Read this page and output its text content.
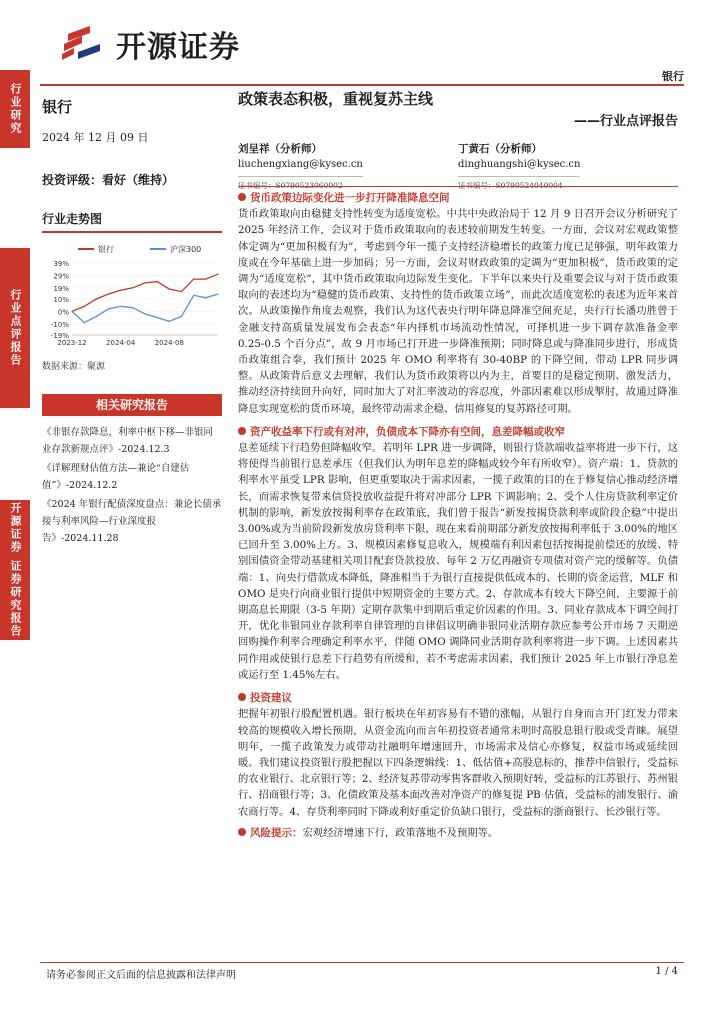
开源证券
银行
行业研究
行业点评报告
开源证券 证券研究报告
银行
2024 年 12 月 09 日
投资评级：看好（维持）
行业走势图
银行	沪深300
39%
29%
19%
10%
0%
-10%
-19%
2023-12	2024-04	2024-08
数据来源：聚源
相关研究报告
《非银存款降息，利率中枢下移—非银同业存款新规点评》-2024.12.3
《详解理财估值方法—兼论“自建估值”》-2024.12.2
《2024 年银行配债深度盘点：兼论长债承接与利率风险—行业深度报告》-2024.11.28
政策表态积极，重视复苏主线
——行业点评报告
刘呈祥（分析师）
liuchengxiang@kysec.cn
丁黄石（分析师）
dinghuangshi@kysec.cn
货币政策边际变化进一步打开降准降息空间
货币政策取向由稳健支持性转变为适度宽松。中共中央政治局于 12 月 9 日召开会议分析研究了 2025 年经济工作，会议对于货币政策取向的表述较前期发生转变。一方面，会议对宏观政策整体定调为“更加积极有为”，考虑到今年一揽子支持经济稳增长的政策力度已足够强，明年政策力度或在今年基础上进一步加码；另一方面，会议对财政政策的定调为“更加积极”，货币政策的定调为“适度宽松”，其中货币政策取向边际发生变化。下半年以来央行及重要会议与对于货币政策取向的表述均为“稳健的货币政策、支持性的货币政策立场”，而此次适度宽松的表述为近年来首次。从政策操作角度去观察，我们认为这代表央行明年降息降准空间充足，央行行长潘功胜曾于金融支持高质量发展发布会表态“年内择机市场流动性情况，可择机进一步下调存款准备金率 0.25-0.5 个百分点”，故 9 月市场已打开进一步降准预期；同时降息或与降准同步进行，形成货币政策组合拳，我们预计 2025 年 OMO 利率将有 30-40BP 的下降空间，带动 LPR 同步调整。从政策背后意义去理解，我们认为货币政策将以内为主，首要目的是稳定预期、激发活力，推动经济持续回升向好，同时加大了对汇率波动的容忍度，外部因素难以形成掣肘，故通过降准降息实现宽松的货币环境，最终带动需求企稳、信用修复的复苏路径可期。
资产收益率下行或有对冲，负债成本下降亦有空间，息差降幅或收窄
息差延续下行趋势但降幅收窄。若明年 LPR 进一步调降，则银行贷款端收益率将进一步下行，这将使得当前银行息差承压（但我们认为明年息差的降幅或较今年有所收窄）。资产端：1、贷款的利率水平虽受 LPR 影响，但更重要取决于需求因素，一揽子政策的目的在于修复信心推动经济增长，而需求恢复带来信贷投放收益提升将对冲部分 LPR 下调影响；2、受个人住房贷款利率定价机制的影响，新发放按揭利率存在政策底，我们曾于报告“新发按揭贷款利率或阶段企稳”中提出 3.00%或为当前阶段新发放房贷利率下限，现在来看前期部分新发放按揭利率低于 3.00%的地区已回升至 3.00%上方。3、规模因素修复息收入，规模端有利因素包括按揭提前偿还的放缓、特别国债资金带动基建相关项目配套贷款投放、每年 2 万亿再融资专项债对资产完的缓解等。负债端：1、向央行借款成本降低，降准相当于为银行直接提供低成本的、长期的资金运营，MLF 和 OMO 是央行向商业银行提供中短期资金的主要方式。2、存款成本有较大下降空间，主要源于前期高息长期限（3-5 年期）定期存款集中到期后重定价因素的作用。3、同业存款成本下调空间打开，优化非银同业存款利率自律管理的自律倡议明确非银同业活期存款应参考公开市场 7 天期逆回购操作利率合理确定利率水平，伴随 OMO 调降同业活期存款利率将进一步下调。上述因素共同作用或使银行息差下行趋势有所缓和，若不考虑需求因素，我们预计 2025 年上市银行净息差或运行至 1.45%左右。
投资建议
把握年初银行股配置机遇。银行板块在年初容易有不错的涨幅，从银行自身而言开门红发力带来较高的规模收入增长预期，从资金流向而言年初投资者通常未明时高股息银行股或受青睐。展望明年，一揽子政策发力或带动社融明年增速回升，市场需求及信心亦修复，权益市场或延续回暖。我们建议投资银行股把握以下四条逻辑线：1、低估值+高股息标的，推荐中信银行，受益标的农业银行、北京银行等；2、经济复苏带动零售客群收入预期好转，受益标的江苏银行、苏州银行、招商银行等；3、化债政策及基本面改善对净资产的修复提 PB 估值，受益标的浦发银行、渝农商行等。4、存贷利率同时下降或利好重定价负缺口银行，受益标的浙商银行、长沙银行等。
风险提示：宏观经济增速下行，政策落地不及预期等。
请务必参阅正文后面的信息披露和法律声明	1 / 4
